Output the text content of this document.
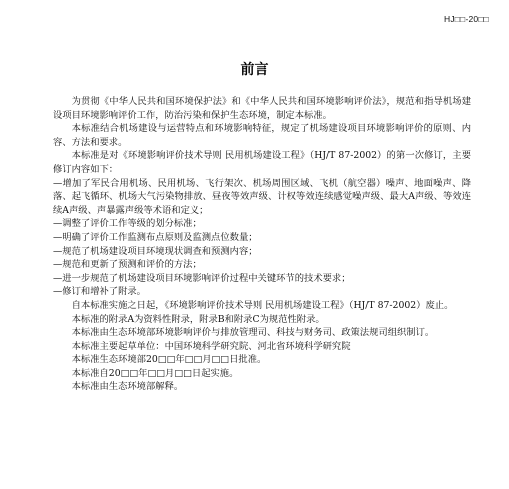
HJ□□-20□□
前言

为贯彻《中华人民共和国环境保护法》和《中华人民共和国环境影响评价法》，规范和指导机场建设项目环境影响评价工作，防治污染和保护生态环境，制定本标准。

本标准结合机场建设与运营特点和环境影响特征，规定了机场建设项目环境影响评价的原则、内容、方法和要求。

本标准是对《环境影响评价技术导则 民用机场建设工程》（HJ/T 87-2002）的第一次修订，主要修订内容如下：

—增加了军民合用机场、民用机场、飞行架次、机场周围区域、飞机（航空器）噪声、地面噪声、降落、起飞循环、机场大气污染物排放、昼夜等效声级、计权等效连续感觉噪声级、最大A声级、等效连续A声级、声暴露声级等术语和定义；

—调整了评价工作等级的划分标准；

—明确了评价工作监测布点原则及监测点位数量；

—规范了机场建设项目环境现状调查和预测内容；

—规范和更新了预测和评价的方法；

—进一步规范了机场建设项目环境影响评价过程中关键环节的技术要求；

—修订和增补了附录。

自本标准实施之日起，《环境影响评价技术导则 民用机场建设工程》（HJ/T 87-2002）废止。

本标准的附录A为资料性附录，附录B和附录C为规范性附录。

本标准由生态环境部环境影响评价与排放管理司、科技与财务司、政策法规司组织制订。

本标准主要起草单位：中国环境科学研究院、河北省环境科学研究院

本标准生态环境部20□□年□□月□□日批准。

本标准自20□□年□□月□□日起实施。

本标准由生态环境部解释。
